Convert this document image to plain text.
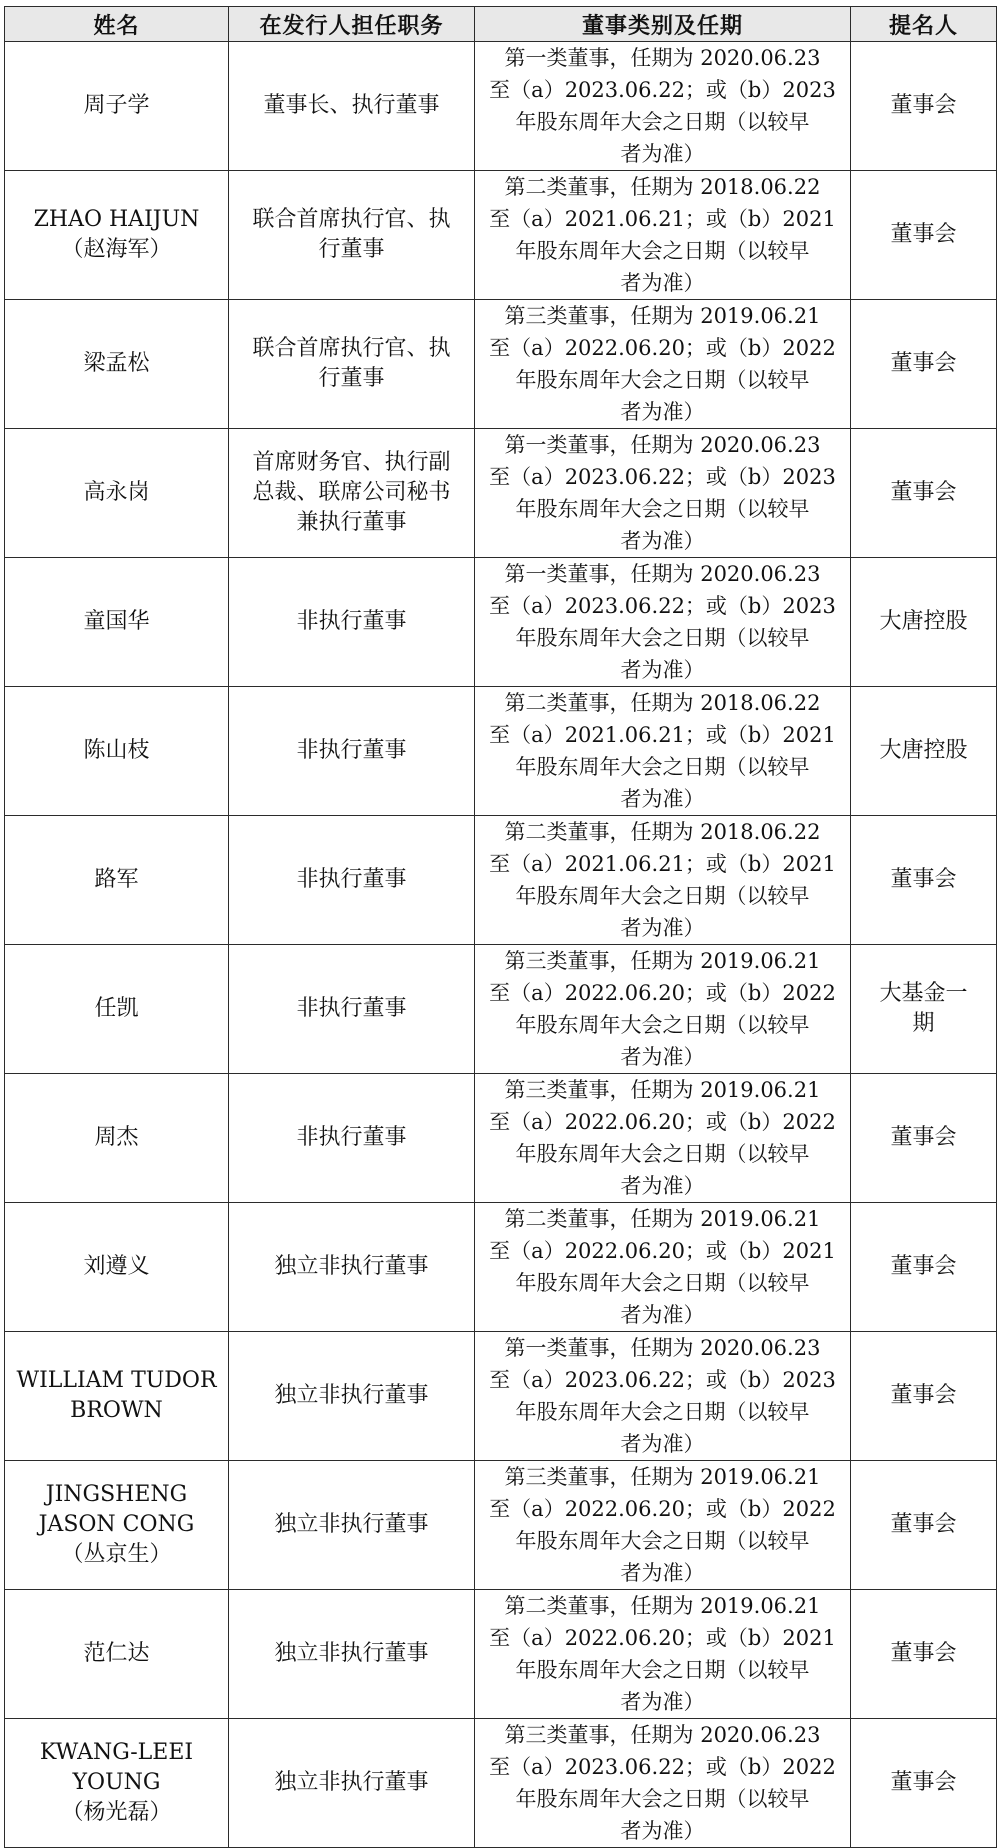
姓名	在发行人担任职务	董事类别及任期	提名人

周子学	董事长、执行董事	第一类董事，任期为 2020.06.23
至（a）2023.06.22；或（b）2023
年股东周年大会之日期（以较早
者为准）	董事会

ZHAO HAIJUN
（赵海军）	联合首席执行官、执
行董事	第二类董事，任期为 2018.06.22
至（a）2021.06.21；或（b）2021
年股东周年大会之日期（以较早
者为准）	董事会

梁孟松	联合首席执行官、执
行董事	第三类董事，任期为 2019.06.21
至（a）2022.06.20；或（b）2022
年股东周年大会之日期（以较早
者为准）	董事会

高永岗	首席财务官、执行副
总裁、联席公司秘书
兼执行董事	第一类董事，任期为 2020.06.23
至（a）2023.06.22；或（b）2023
年股东周年大会之日期（以较早
者为准）	董事会

童国华	非执行董事	第一类董事，任期为 2020.06.23
至（a）2023.06.22；或（b）2023
年股东周年大会之日期（以较早
者为准）	大唐控股

陈山枝	非执行董事	第二类董事，任期为 2018.06.22
至（a）2021.06.21；或（b）2021
年股东周年大会之日期（以较早
者为准）	大唐控股

路军	非执行董事	第二类董事，任期为 2018.06.22
至（a）2021.06.21；或（b）2021
年股东周年大会之日期（以较早
者为准）	董事会

任凯	非执行董事	第三类董事，任期为 2019.06.21
至（a）2022.06.20；或（b）2022
年股东周年大会之日期（以较早
者为准）	大基金一
期

周杰	非执行董事	第三类董事，任期为 2019.06.21
至（a）2022.06.20；或（b）2022
年股东周年大会之日期（以较早
者为准）	董事会

刘遵义	独立非执行董事	第二类董事，任期为 2019.06.21
至（a）2022.06.20；或（b）2021
年股东周年大会之日期（以较早
者为准）	董事会

WILLIAM TUDOR
BROWN	独立非执行董事	第一类董事，任期为 2020.06.23
至（a）2023.06.22；或（b）2023
年股东周年大会之日期（以较早
者为准）	董事会

JINGSHENG
JASON CONG
（丛京生）	独立非执行董事	第三类董事，任期为 2019.06.21
至（a）2022.06.20；或（b）2022
年股东周年大会之日期（以较早
者为准）	董事会

范仁达	独立非执行董事	第二类董事，任期为 2019.06.21
至（a）2022.06.20；或（b）2021
年股东周年大会之日期（以较早
者为准）	董事会

KWANG-LEEI
YOUNG
（杨光磊）	独立非执行董事	第三类董事，任期为 2020.06.23
至（a）2023.06.22；或（b）2022
年股东周年大会之日期（以较早
者为准）	董事会
